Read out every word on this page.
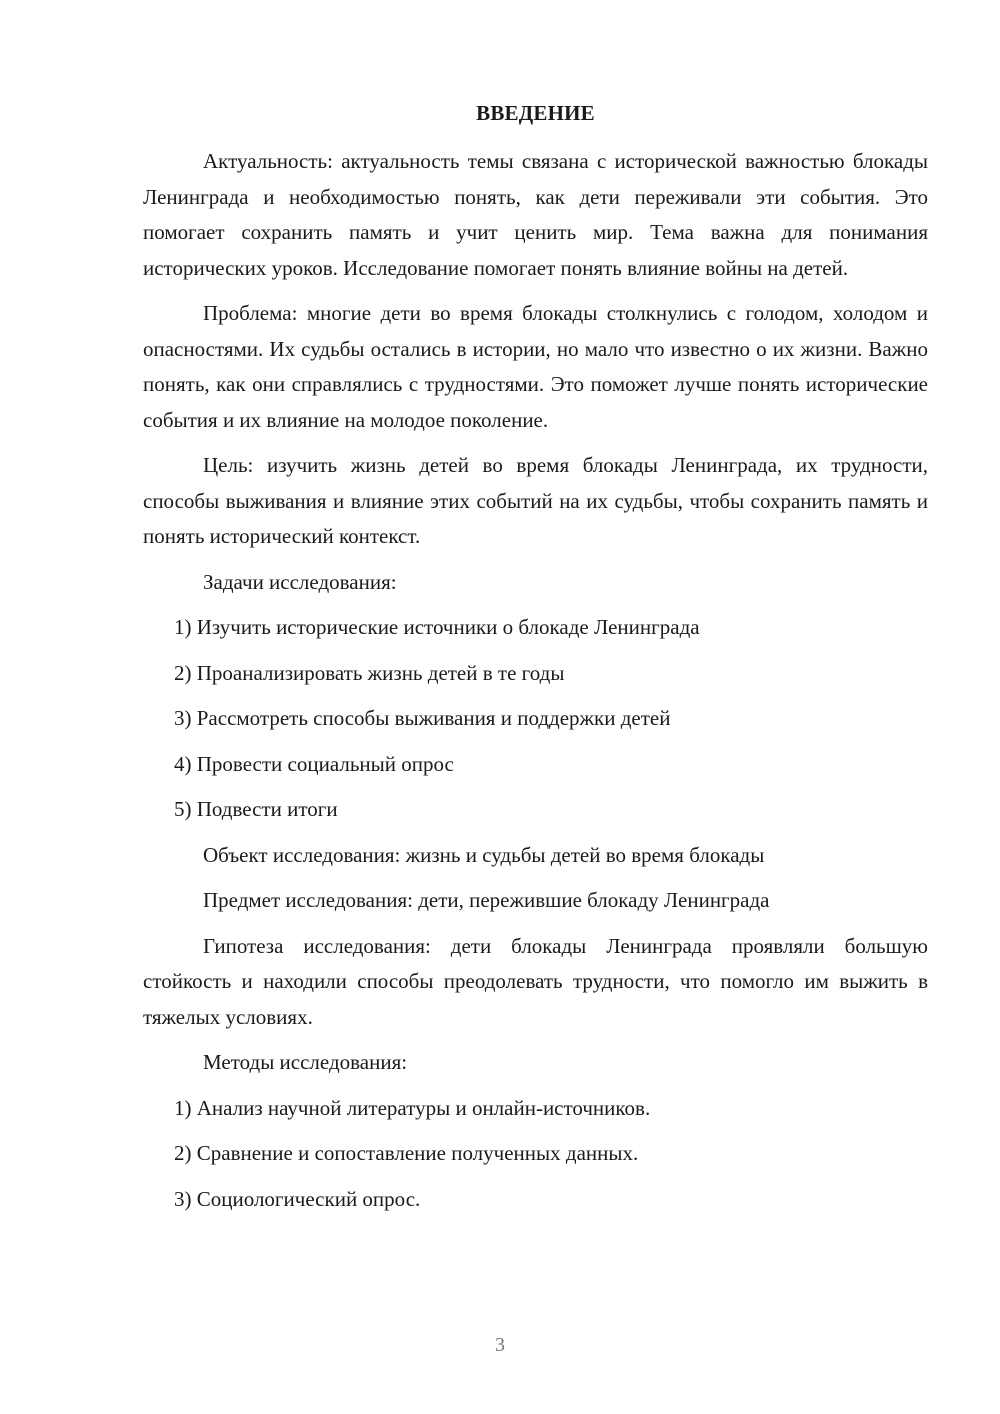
ВВЕДЕНИЕ

Актуальность: актуальность темы связана с исторической важностью блокады Ленинграда и необходимостью понять, как дети переживали эти события. Это помогает сохранить память и учит ценить мир. Тема важна для понимания исторических уроков. Исследование помогает понять влияние войны на детей.

Проблема: многие дети во время блокады столкнулись с голодом, холодом и опасностями. Их судьбы остались в истории, но мало что известно о их жизни. Важно понять, как они справлялись с трудностями. Это поможет лучше понять исторические события и их влияние на молодое поколение.

Цель: изучить жизнь детей во время блокады Ленинграда, их трудности, способы выживания и влияние этих событий на их судьбы, чтобы сохранить память и понять исторический контекст.

Задачи исследования:

1) Изучить исторические источники о блокаде Ленинграда

2) Проанализировать жизнь детей в те годы

3) Рассмотреть способы выживания и поддержки детей

4) Провести социальный опрос

5) Подвести итоги

Объект исследования: жизнь и судьбы детей во время блокады

Предмет исследования: дети, пережившие блокаду Ленинграда

Гипотеза исследования: дети блокады Ленинграда проявляли большую стойкость и находили способы преодолевать трудности, что помогло им выжить в тяжелых условиях.

Методы исследования:

1) Анализ научной литературы и онлайн-источников.

2) Сравнение и сопоставление полученных данных.

3) Социологический опрос.

3
